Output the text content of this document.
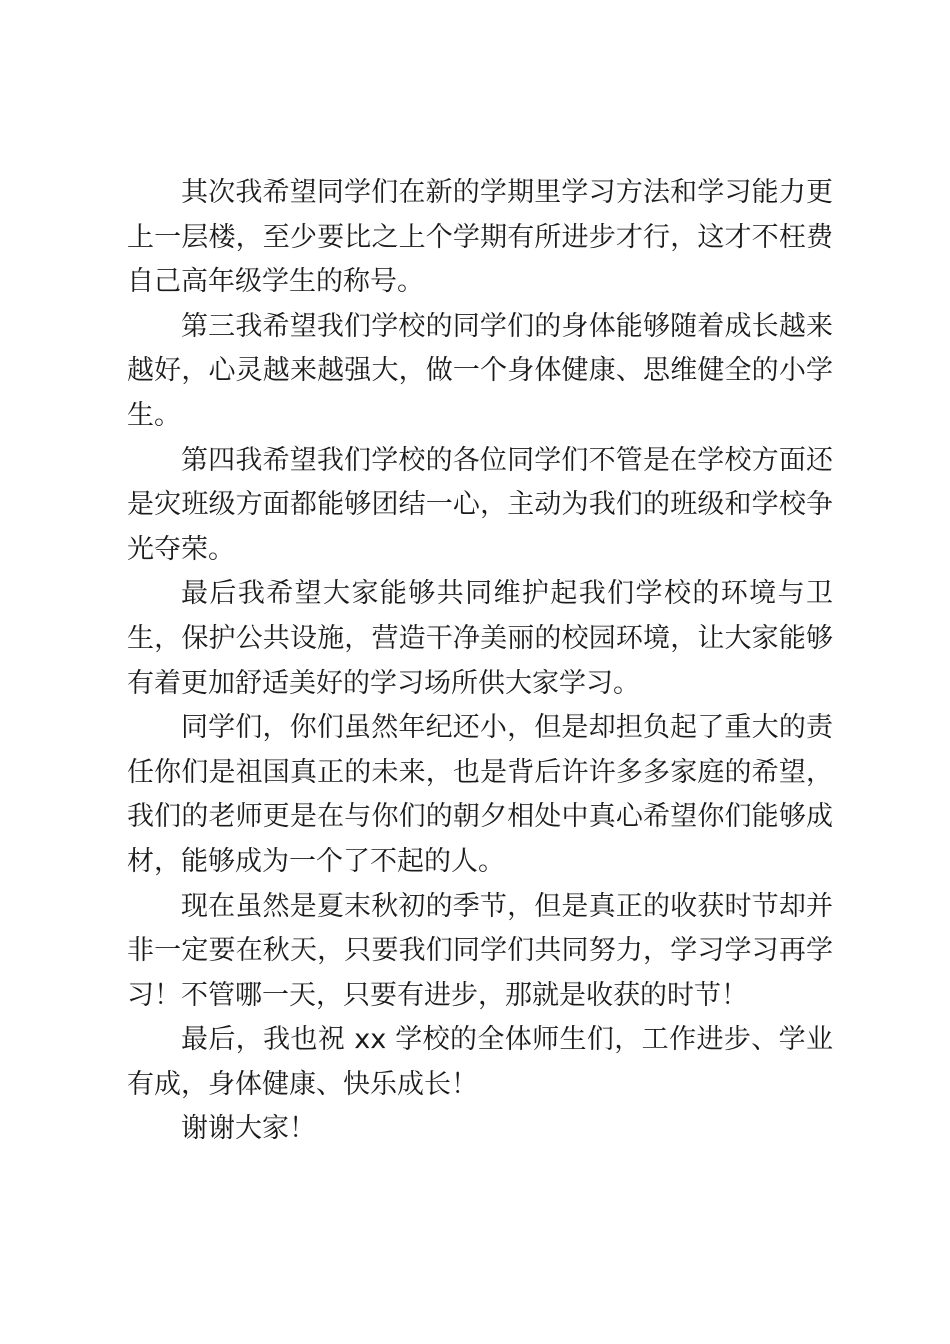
其次我希望同学们在新的学期里学习方法和学习能力更上一层楼，至少要比之上个学期有所进步才行，这才不枉费自己高年级学生的称号。

第三我希望我们学校的同学们的身体能够随着成长越来越好，心灵越来越强大，做一个身体健康、思维健全的小学生。

第四我希望我们学校的各位同学们不管是在学校方面还是灾班级方面都能够团结一心，主动为我们的班级和学校争光夺荣。

最后我希望大家能够共同维护起我们学校的环境与卫生，保护公共设施，营造干净美丽的校园环境，让大家能够有着更加舒适美好的学习场所供大家学习。

同学们，你们虽然年纪还小，但是却担负起了重大的责任你们是祖国真正的未来，也是背后许许多多家庭的希望，我们的老师更是在与你们的朝夕相处中真心希望你们能够成材，能够成为一个了不起的人。

现在虽然是夏末秋初的季节，但是真正的收获时节却并非一定要在秋天，只要我们同学们共同努力，学习学习再学习！不管哪一天，只要有进步，那就是收获的时节！

最后，我也祝 xx 学校的全体师生们，工作进步、学业有成，身体健康、快乐成长！

谢谢大家！
